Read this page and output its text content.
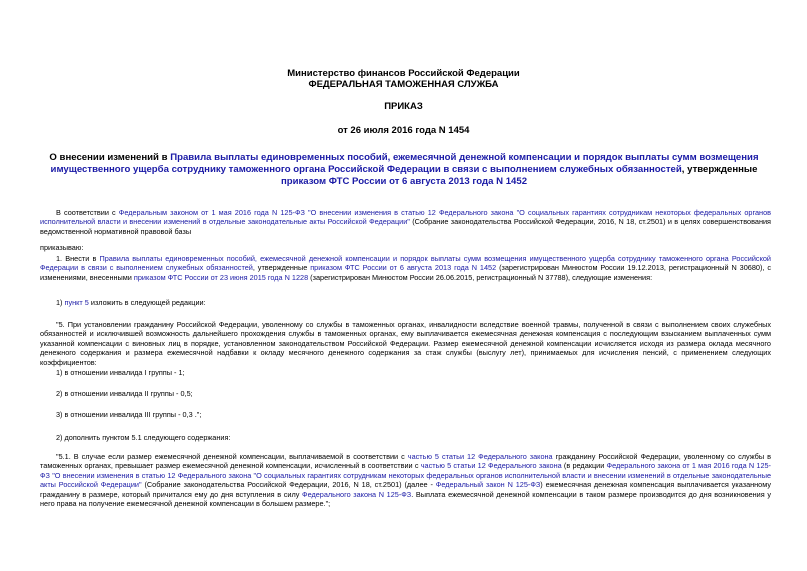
Министерство финансов Российской Федерации
ФЕДЕРАЛЬНАЯ ТАМОЖЕННАЯ СЛУЖБА
ПРИКАЗ
от 26 июля 2016 года N 1454
О внесении изменений в Правила выплаты единовременных пособий, ежемесячной денежной компенсации и порядок выплаты сумм возмещения имущественного ущерба сотруднику таможенного органа Российской Федерации в связи с выполнением служебных обязанностей, утвержденные приказом ФТС России от 6 августа 2013 года N 1452
В соответствии с Федеральным законом от 1 мая 2016 года N 125-ФЗ "О внесении изменения в статью 12 Федерального закона "О социальных гарантиях сотрудникам некоторых федеральных органов исполнительной власти и внесении изменений в отдельные законодательные акты Российской Федерации" (Собрание законодательства Российской Федерации, 2016, N 18, ст.2501) и в целях совершенствования ведомственной нормативной правовой базы
приказываю:
1. Внести в Правила выплаты единовременных пособий, ежемесячной денежной компенсации и порядок выплаты сумм возмещения имущественного ущерба сотруднику таможенного органа Российской Федерации в связи с выполнением служебных обязанностей, утвержденные приказом ФТС России от 6 августа 2013 года N 1452 (зарегистрирован Минюстом России 19.12.2013, регистрационный N 30680), с изменениями, внесенными приказом ФТС России от 23 июня 2015 года N 1228 (зарегистрирован Минюстом России 26.06.2015, регистрационный N 37788), следующие изменения:
1) пункт 5 изложить в следующей редакции:
"5. При установлении гражданину Российской Федерации, уволенному со службы в таможенных органах, инвалидности вследствие военной травмы, полученной в связи с выполнением своих служебных обязанностей и исключившей возможность дальнейшего прохождения службы в таможенных органах, ему выплачивается ежемесячная денежная компенсация с последующим взысканием выплаченных сумм указанной компенсации с виновных лиц в порядке, установленном законодательством Российской Федерации. Размер ежемесячной денежной компенсации исчисляется исходя из размера оклада месячного денежного содержания и размера ежемесячной надбавки к окладу месячного денежного содержания за стаж службы (выслугу лет), принимаемых для исчисления пенсий, с применением следующих коэффициентов:
1) в отношении инвалида I группы - 1;
2) в отношении инвалида II группы - 0,5;
3) в отношении инвалида III группы - 0,3 .";
2) дополнить пунктом 5.1 следующего содержания:
"5.1. В случае если размер ежемесячной денежной компенсации, выплачиваемой в соответствии с частью 5 статьи 12 Федерального закона гражданину Российской Федерации, уволенному со службы в таможенных органах, превышает размер ежемесячной денежной компенсации, исчисленный в соответствии с частью 5 статьи 12 Федерального закона (в редакции Федерального закона от 1 мая 2016 года N 125-ФЗ "О внесении изменения в статью 12 Федерального закона "О социальных гарантиях сотрудникам некоторых федеральных органов исполнительной власти и внесении изменений в отдельные законодательные акты Российской Федерации" (Собрание законодательства Российской Федерации, 2016, N 18, ст.2501) (далее - Федеральный закон N 125-ФЗ) ежемесячная денежная компенсация выплачивается указанному гражданину в размере, который причитался ему до дня вступления в силу Федерального закона N 125-ФЗ. Выплата ежемесячной денежной компенсации в таком размере производится до дня возникновения у него права на получение ежемесячной денежной компенсации в большем размере.";
